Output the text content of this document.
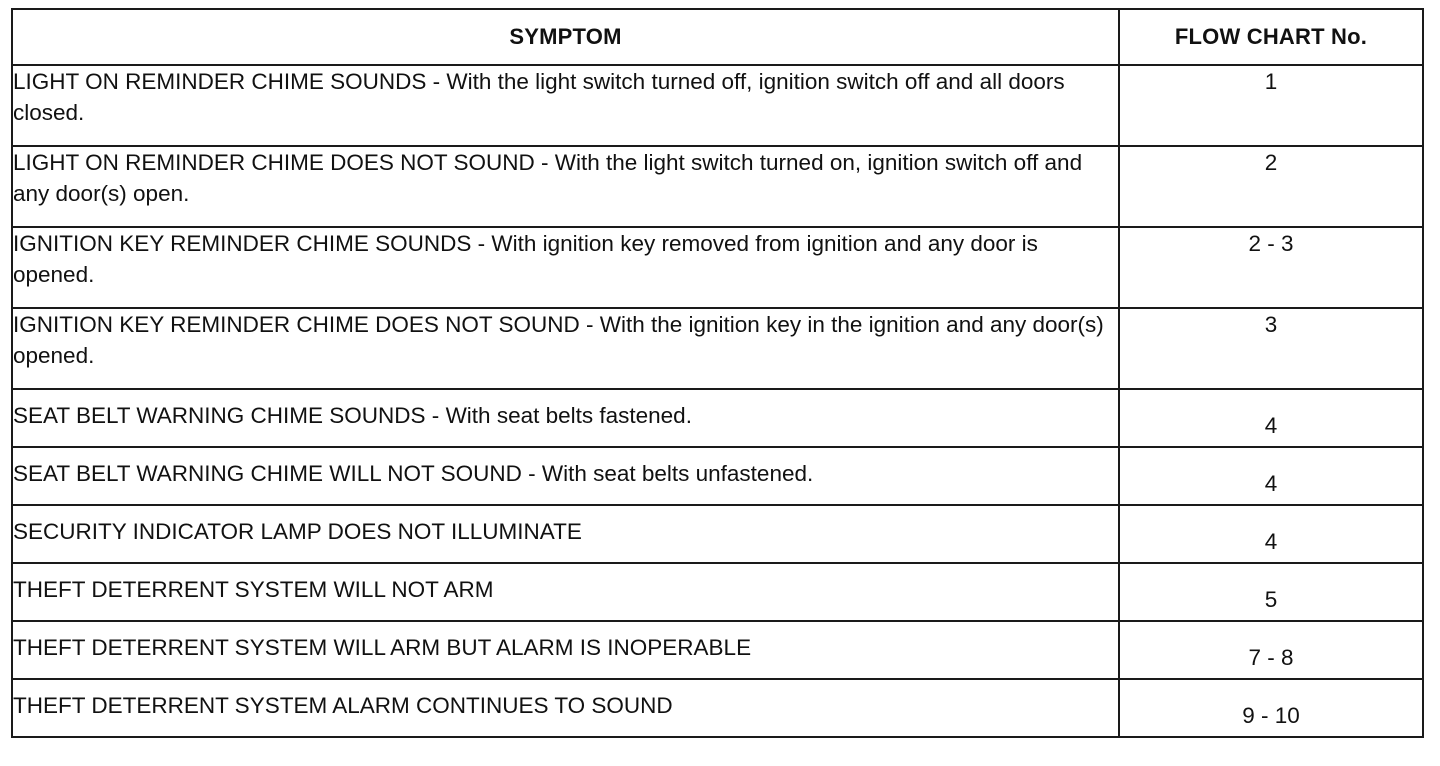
SYMPTOM	FLOW CHART No.
LIGHT ON REMINDER CHIME SOUNDS - With the light switch turned off, ignition switch off and all doors closed.	1
LIGHT ON REMINDER CHIME DOES NOT SOUND - With the light switch turned on, ignition switch off and any door(s) open.	2
IGNITION KEY REMINDER CHIME SOUNDS - With ignition key removed from ignition and any door is opened.	2 - 3
IGNITION KEY REMINDER CHIME DOES NOT SOUND - With the ignition key in the ignition and any door(s) opened.	3
SEAT BELT WARNING CHIME SOUNDS - With seat belts fastened.	4
SEAT BELT WARNING CHIME WILL NOT SOUND - With seat belts unfastened.	4
SECURITY INDICATOR LAMP DOES NOT ILLUMINATE	4
THEFT DETERRENT SYSTEM WILL NOT ARM	5
THEFT DETERRENT SYSTEM WILL ARM BUT ALARM IS INOPERABLE	7 - 8
THEFT DETERRENT SYSTEM ALARM CONTINUES TO SOUND	9 - 10
